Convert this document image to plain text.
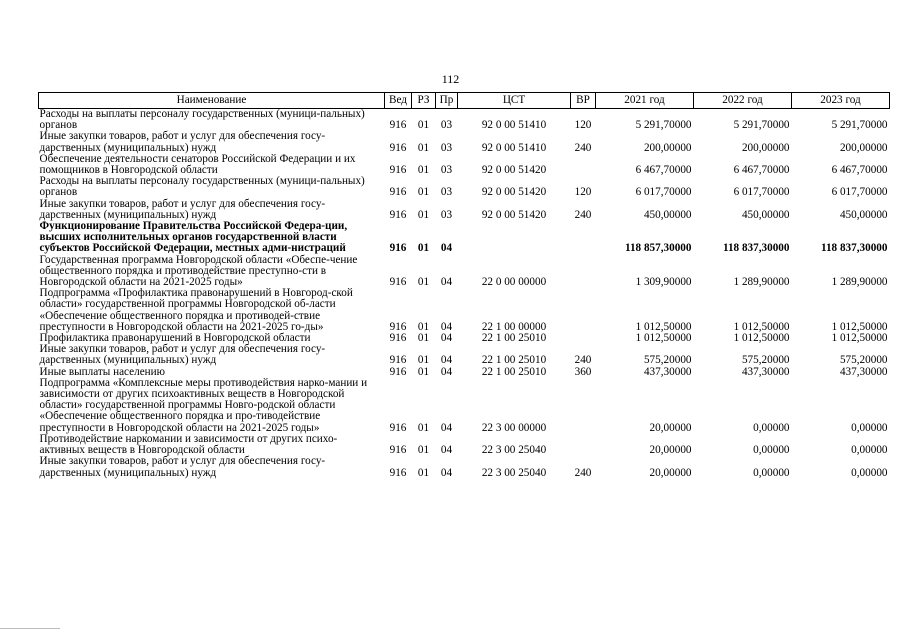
112
Наименование	Вед	РЗ	Пр	ЦСТ	ВР	2021 год	2022 год	2023 год
Расходы на выплаты персоналу государственных (муници-пальных) органов	916	01	03	92 0 00 51410	120	5 291,70000	5 291,70000	5 291,70000
Иные закупки товаров, работ и услуг для обеспечения госу-дарственных (муниципальных) нужд	916	01	03	92 0 00 51410	240	200,00000	200,00000	200,00000
Обеспечение деятельности сенаторов Российской Федерации и их помощников в Новгородской области	916	01	03	92 0 00 51420		6 467,70000	6 467,70000	6 467,70000
Расходы на выплаты персоналу государственных (муници-пальных) органов	916	01	03	92 0 00 51420	120	6 017,70000	6 017,70000	6 017,70000
Иные закупки товаров, работ и услуг для обеспечения госу-дарственных (муниципальных) нужд	916	01	03	92 0 00 51420	240	450,00000	450,00000	450,00000
Функционирование Правительства Российской Федера-ции, высших исполнительных органов государственной власти субъектов Российской Федерации, местных адми-нистраций	916	01	04			118 857,30000	118 837,30000	118 837,30000
Государственная программа Новгородской области «Обеспе-чение общественного порядка и противодействие преступно-сти в Новгородской области на 2021-2025 годы»	916	01	04	22 0 00 00000		1 309,90000	1 289,90000	1 289,90000
Подпрограмма «Профилактика правонарушений в Новгород-ской области» государственной программы Новгородской об-ласти «Обеспечение общественного порядка и противодей-ствие преступности в Новгородской области на 2021-2025 го-ды»	916	01	04	22 1 00 00000		1 012,50000	1 012,50000	1 012,50000
Профилактика правонарушений в Новгородской области	916	01	04	22 1 00 25010		1 012,50000	1 012,50000	1 012,50000
Иные закупки товаров, работ и услуг для обеспечения госу-дарственных (муниципальных) нужд	916	01	04	22 1 00 25010	240	575,20000	575,20000	575,20000
Иные выплаты населению	916	01	04	22 1 00 25010	360	437,30000	437,30000	437,30000
Подпрограмма «Комплексные меры противодействия нарко-мании и зависимости от других психоактивных веществ в Новгородской области» государственной программы Новго-родской области «Обеспечение общественного порядка и про-тиводействие преступности в Новгородской области на 2021-2025 годы»	916	01	04	22 3 00 00000		20,00000	0,00000	0,00000
Противодействие наркомании и зависимости от других психо-активных веществ в Новгородской области	916	01	04	22 3 00 25040		20,00000	0,00000	0,00000
Иные закупки товаров, работ и услуг для обеспечения госу-дарственных (муниципальных) нужд	916	01	04	22 3 00 25040	240	20,00000	0,00000	0,00000
